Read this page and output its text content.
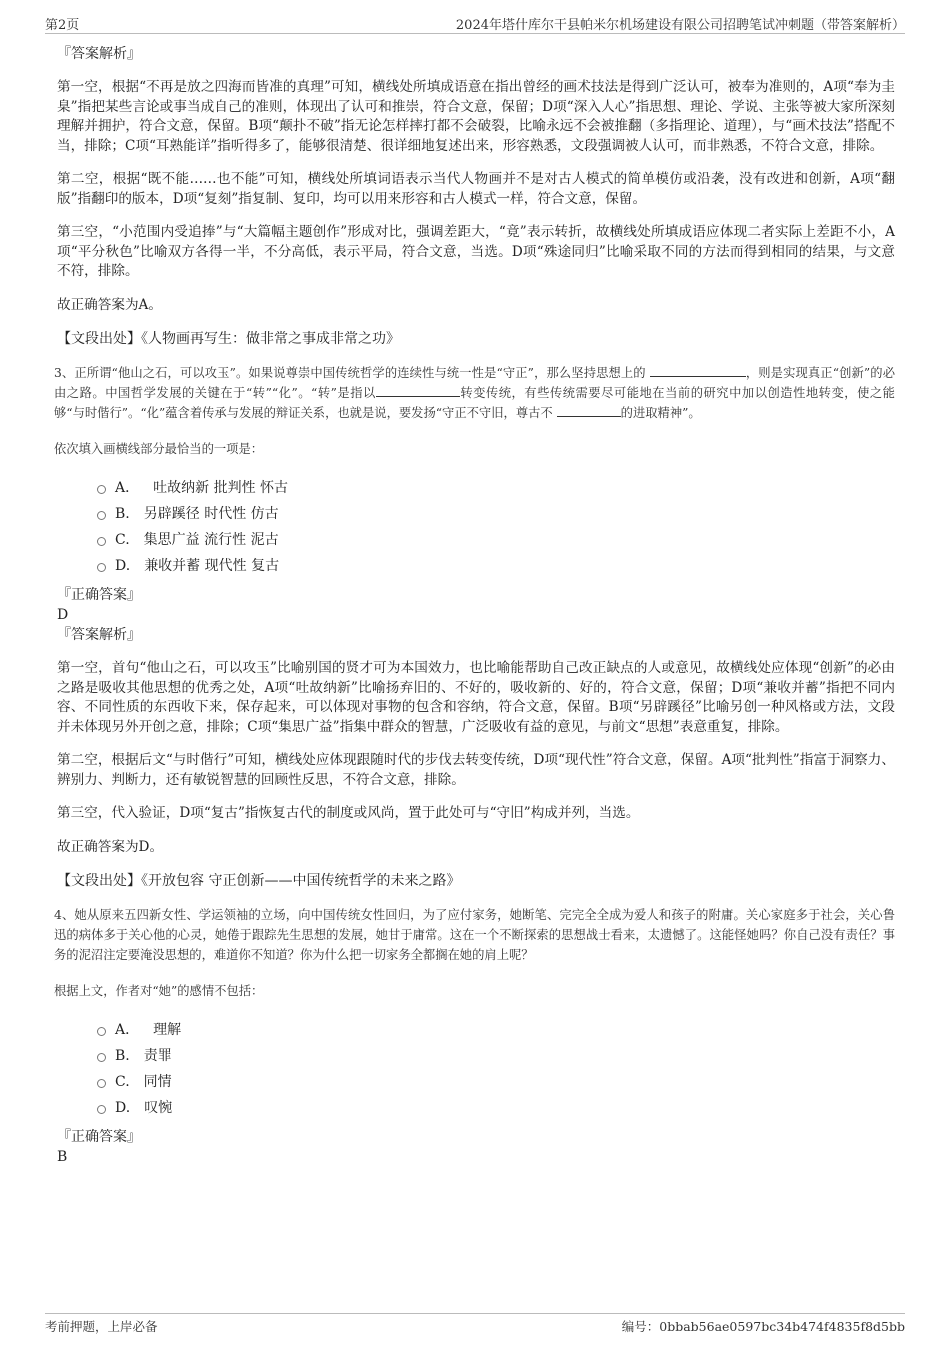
第2页	2024年塔什库尔干县帕米尔机场建设有限公司招聘笔试冲刺题（带答案解析）
『答案解析』

第一空，根据“不再是放之四海而皆准的真理”可知，横线处所填成语意在指出曾经的画术技法是得到广泛认可，被奉为准则的，A项“奉为圭臬”指把某些言论或事当成自己的准则，体现出了认可和推崇，符合文意，保留；D项“深入人心”指思想、理论、学说、主张等被大家所深刻理解并拥护，符合文意，保留。B项“颠扑不破”指无论怎样摔打都不会破裂，比喻永远不会被推翻（多指理论、道理），与“画术技法”搭配不当，排除；C项“耳熟能详”指听得多了，能够很清楚、很详细地复述出来，形容熟悉，文段强调被人认可，而非熟悉，不符合文意，排除。

第二空，根据“既不能……也不能”可知，横线处所填词语表示当代人物画并不是对古人模式的简单模仿或沿袭，没有改进和创新，A项“翻版”指翻印的版本，D项“复刻”指复制、复印，均可以用来形容和古人模式一样，符合文意，保留。

第三空，“小范围内受追捧”与“大篇幅主题创作”形成对比，强调差距大，“竟”表示转折，故横线处所填成语应体现二者实际上差距不小，A项“平分秋色”比喻双方各得一半，不分高低，表示平局，符合文意，当选。D项“殊途同归”比喻采取不同的方法而得到相同的结果，与文意不符，排除。

故正确答案为A。

【文段出处】《人物画再写生：做非常之事成非常之功》

3、正所谓“他山之石，可以攻玉”。如果说尊崇中国传统哲学的连续性与统一性是“守正”，那么坚持思想上的	，则是实现真正“创新”的必由之路。中国哲学发展的关键在于“转”“化”。“转”是指以	转变传统，有些传统需要尽可能地在当前的研究中加以创造性地转变，使之能够“与时偕行”。“化”蕴含着传承与发展的辩证关系，也就是说，要发扬“守正不守旧，尊古不	的进取精神”。

依次填入画横线部分最恰当的一项是：

A． 吐故纳新 批判性 怀古
B. 另辟蹊径 时代性 仿古
C. 集思广益 流行性 泥古
D. 兼收并蓄 现代性 复古
『正确答案』
D
『答案解析』

第一空，首句“他山之石，可以攻玉”比喻别国的贤才可为本国效力，也比喻能帮助自己改正缺点的人或意见，故横线处应体现“创新”的必由之路是吸收其他思想的优秀之处，A项“吐故纳新”比喻扬弃旧的、不好的，吸收新的、好的，符合文意，保留；D项“兼收并蓄”指把不同内容、不同性质的东西收下来，保存起来，可以体现对事物的包含和容纳，符合文意，保留。B项“另辟蹊径”比喻另创一种风格或方法，文段并未体现另外开创之意，排除；C项“集思广益”指集中群众的智慧，广泛吸收有益的意见，与前文“思想”表意重复，排除。

第二空，根据后文“与时偕行”可知，横线处应体现跟随时代的步伐去转变传统，D项“现代性”符合文意，保留。A项“批判性”指富于洞察力、辨别力、判断力，还有敏锐智慧的回顾性反思，不符合文意，排除。

第三空，代入验证，D项“复古”指恢复古代的制度或风尚，置于此处可与“守旧”构成并列，当选。

故正确答案为D。

【文段出处】《开放包容 守正创新——中国传统哲学的未来之路》

4、她从原来五四新女性、学运领袖的立场，向中国传统女性回归，为了应付家务，她断笔、完完全全成为爱人和孩子的附庸。关心家庭多于社会，关心鲁迅的病体多于关心他的心灵，她倦于跟踪先生思想的发展，她甘于庸常。这在一个不断探索的思想战士看来，太遗憾了。这能怪她吗？你自己没有责任？事务的泥沼注定要淹没思想的，难道你不知道？你为什么把一切家务全都搁在她的肩上呢？

根据上文，作者对“她”的感情不包括：

A． 理解
B. 责罪
C. 同情
D. 叹惋
『正确答案』
B
考前押题，上岸必备	编号：0bbab56ae0597bc34b474f4835f8d5bb
